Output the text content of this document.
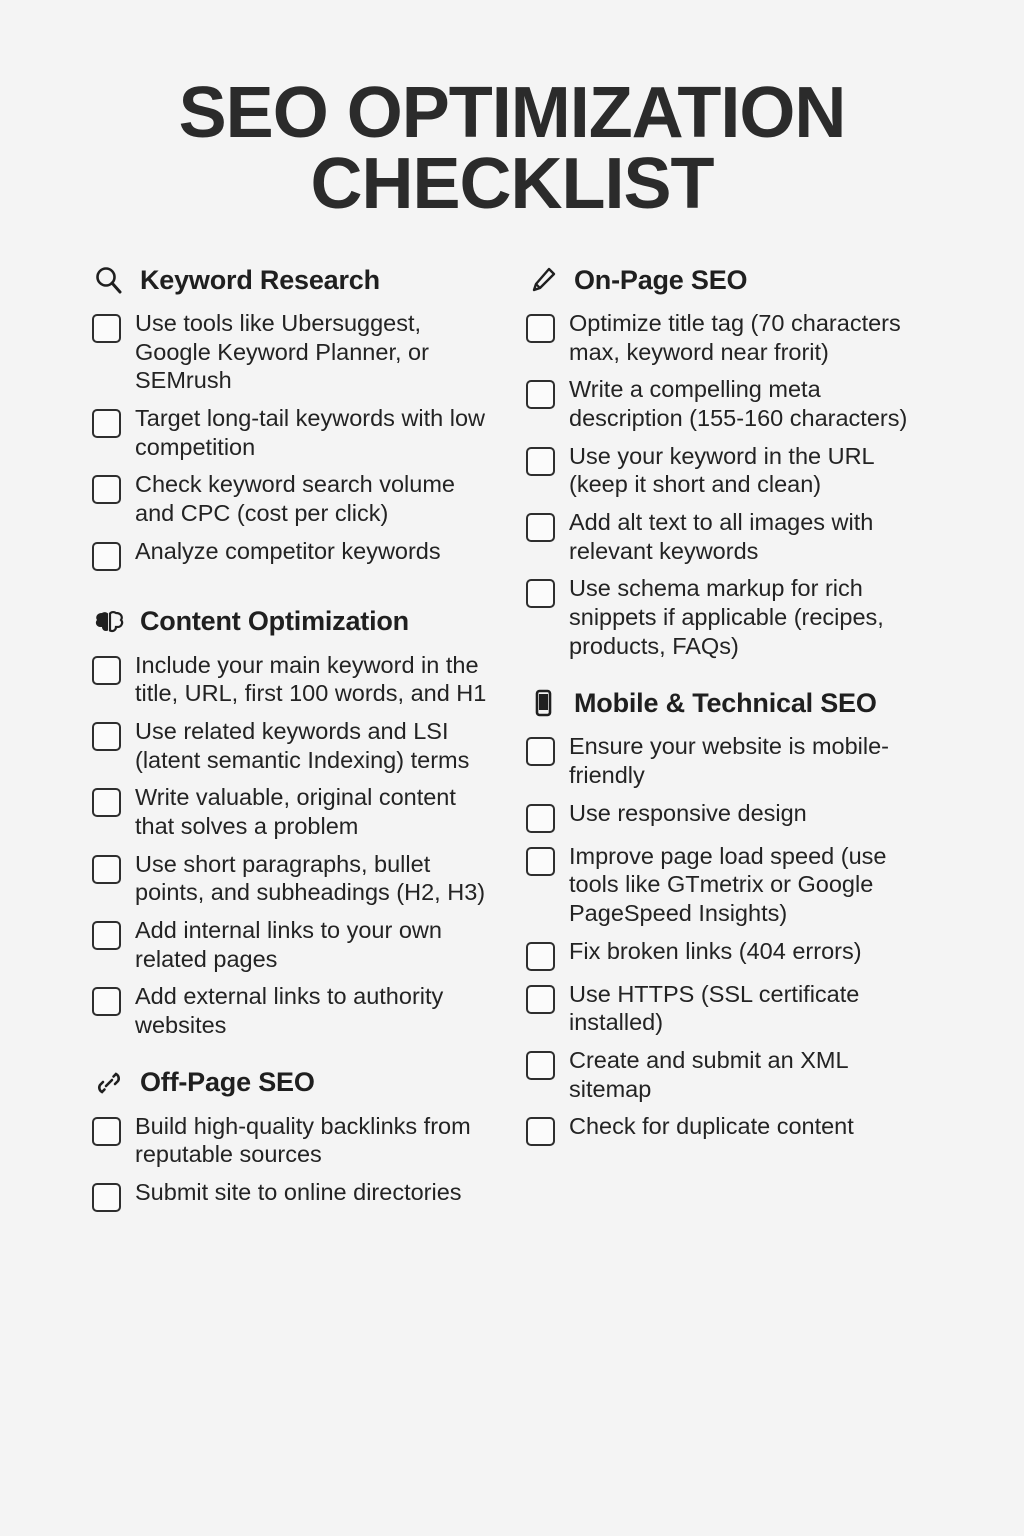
SEO OPTIMIZATION
CHECKLIST
Keyword Research
Use tools like Ubersuggest, Google Keyword Planner, or SEMrush
Target long-tail keywords with low competition
Check keyword search volume and CPC (cost per click)
Analyze competitor keywords
Content Optimization
Include your main keyword in the title, URL, first 100 words, and H1
Use related keywords and LSI (latent semantic Indexing) terms
Write valuable, original content that solves a problem
Use short paragraphs, bullet points, and subheadings (H2, H3)
Add internal links to your own related pages
Add external links to authority websites
Off-Page SEO
Build high-quality backlinks from reputable sources
Submit site to online directories
On-Page SEO
Optimize title tag (70 characters max, keyword near frorit)
Write a compelling meta description (155-160 characters)
Use your keyword in the URL (keep it short and clean)
Add alt text to all images with relevant keywords
Use schema markup for rich snippets if applicable (recipes, products, FAQs)
Mobile & Technical SEO
Ensure your website is mobile-friendly
Use responsive design
Improve page load speed (use tools like GTmetrix or Google PageSpeed Insights)
Fix broken links (404 errors)
Use HTTPS (SSL certificate installed)
Create and submit an XML sitemap
Check for duplicate content
